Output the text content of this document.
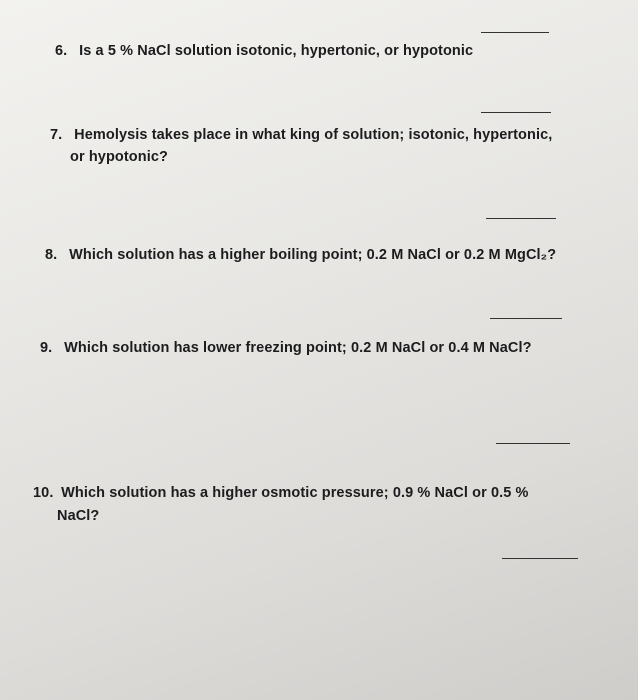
6. Is a 5 % NaCl solution isotonic, hypertonic, or hypotonic
7. Hemolysis takes place in what king of solution; isotonic, hypertonic,
or hypotonic?
8. Which solution has a higher boiling point; 0.2 M NaCl or 0.2 M MgCl₂?
9. Which solution has lower freezing point; 0.2 M NaCl or 0.4 M NaCl?
10. Which solution has a higher osmotic pressure; 0.9 % NaCl or 0.5 %
NaCl?
